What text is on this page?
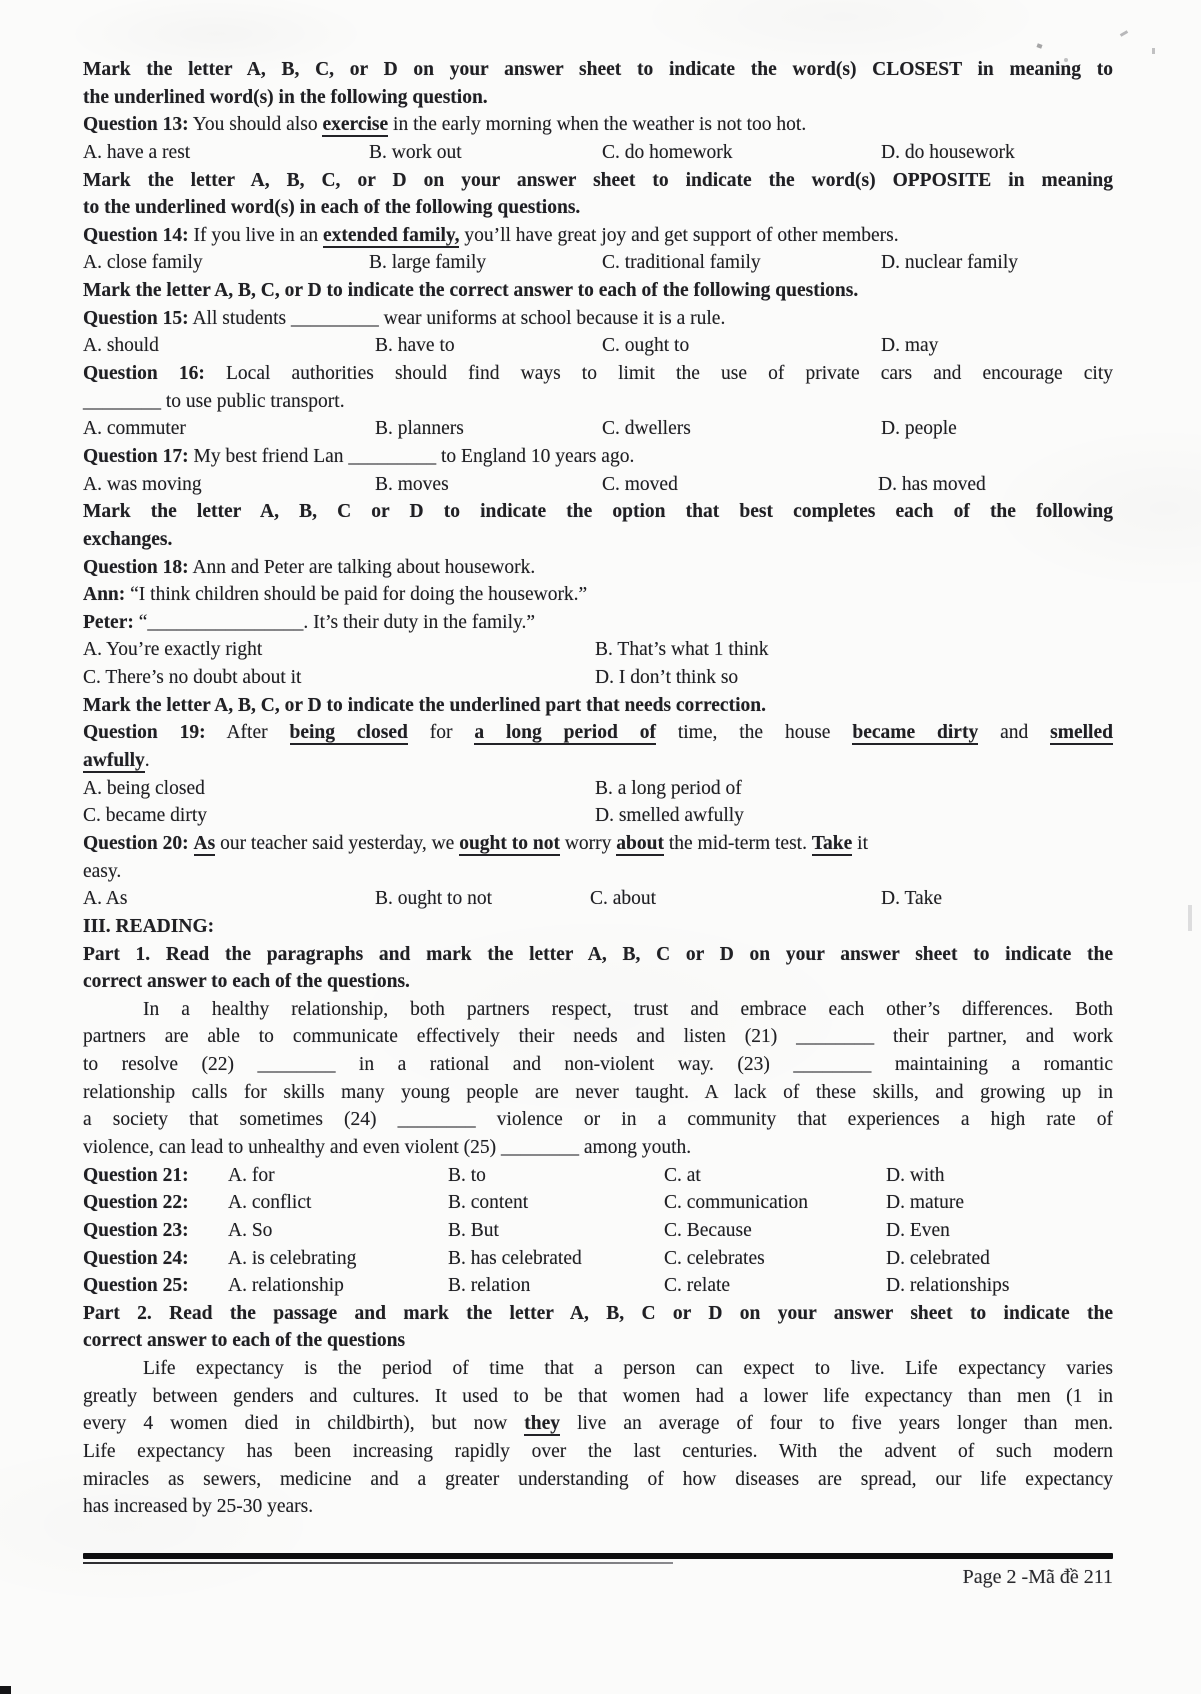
Mark the letter A, B, C, or D on your answer sheet to indicate the word(s) CLOSEST in meaning to
the underlined word(s) in the following question.
Question 13: You should also exercise in the early morning when the weather is not too hot.
A. have a rest	B. work out	C. do homework	D. do housework
Mark the letter A, B, C, or D on your answer sheet to indicate the word(s) OPPOSITE in meaning
to the underlined word(s) in each of the following questions.
Question 14: If you live in an extended family, you’ll have great joy and get support of other members.
A. close family	B. large family	C. traditional family	D. nuclear family
Mark the letter A, B, C, or D to indicate the correct answer to each of the following questions.
Question 15: All students _________ wear uniforms at school because it is a rule.
A. should	B. have to	C. ought to	D. may
Question 16: Local authorities should find ways to limit the use of private cars and encourage city
________ to use public transport.
A. commuter	B. planners	C. dwellers	D. people
Question 17: My best friend Lan _________ to England 10 years ago.
A. was moving	B. moves	C. moved	D. has moved
Mark the letter A, B, C or D to indicate the option that best completes each of the following
exchanges.
Question 18: Ann and Peter are talking about housework.
Ann: “I think children should be paid for doing the housework.”
Peter: “________________. It’s their duty in the family.”
A. You’re exactly right	B. That’s what 1 think
C. There’s no doubt about it	D. I don’t think so
Mark the letter A, B, C, or D to indicate the underlined part that needs correction.
Question 19: After being closed for a long period of time, the house became dirty and smelled
awfully.
A. being closed	B. a long period of
C. became dirty	D. smelled awfully
Question 20: As our teacher said yesterday, we ought to not worry about the mid-term test. Take it
easy.
A. As	B. ought to not	C. about	D. Take
III. READING:
Part 1. Read the paragraphs and mark the letter A, B, C or D on your answer sheet to indicate the
correct answer to each of the questions.
In a healthy relationship, both partners respect, trust and embrace each other’s differences. Both
partners are able to communicate effectively their needs and listen (21) ________ their partner, and work
to resolve (22) ________ in a rational and non-violent way. (23) ________ maintaining a romantic
relationship calls for skills many young people are never taught. A lack of these skills, and growing up in
a society that sometimes (24) ________ violence or in a community that experiences a high rate of
violence, can lead to unhealthy and even violent (25) ________ among youth.
Question 21: A. for	B. to	C. at	D. with
Question 22: A. conflict	B. content	C. communication	D. mature
Question 23: A. So	B. But	C. Because	D. Even
Question 24: A. is celebrating	B. has celebrated	C. celebrates	D. celebrated
Question 25: A. relationship	B. relation	C. relate	D. relationships
Part 2. Read the passage and mark the letter A, B, C or D on your answer sheet to indicate the
correct answer to each of the questions
Life expectancy is the period of time that a person can expect to live. Life expectancy varies
greatly between genders and cultures. It used to be that women had a lower life expectancy than men (1 in
every 4 women died in childbirth), but now they live an average of four to five years longer than men.
Life expectancy has been increasing rapidly over the last centuries. With the advent of such modern
miracles as sewers, medicine and a greater understanding of how diseases are spread, our life expectancy
has increased by 25-30 years.
Page 2 -Mã đề 211
